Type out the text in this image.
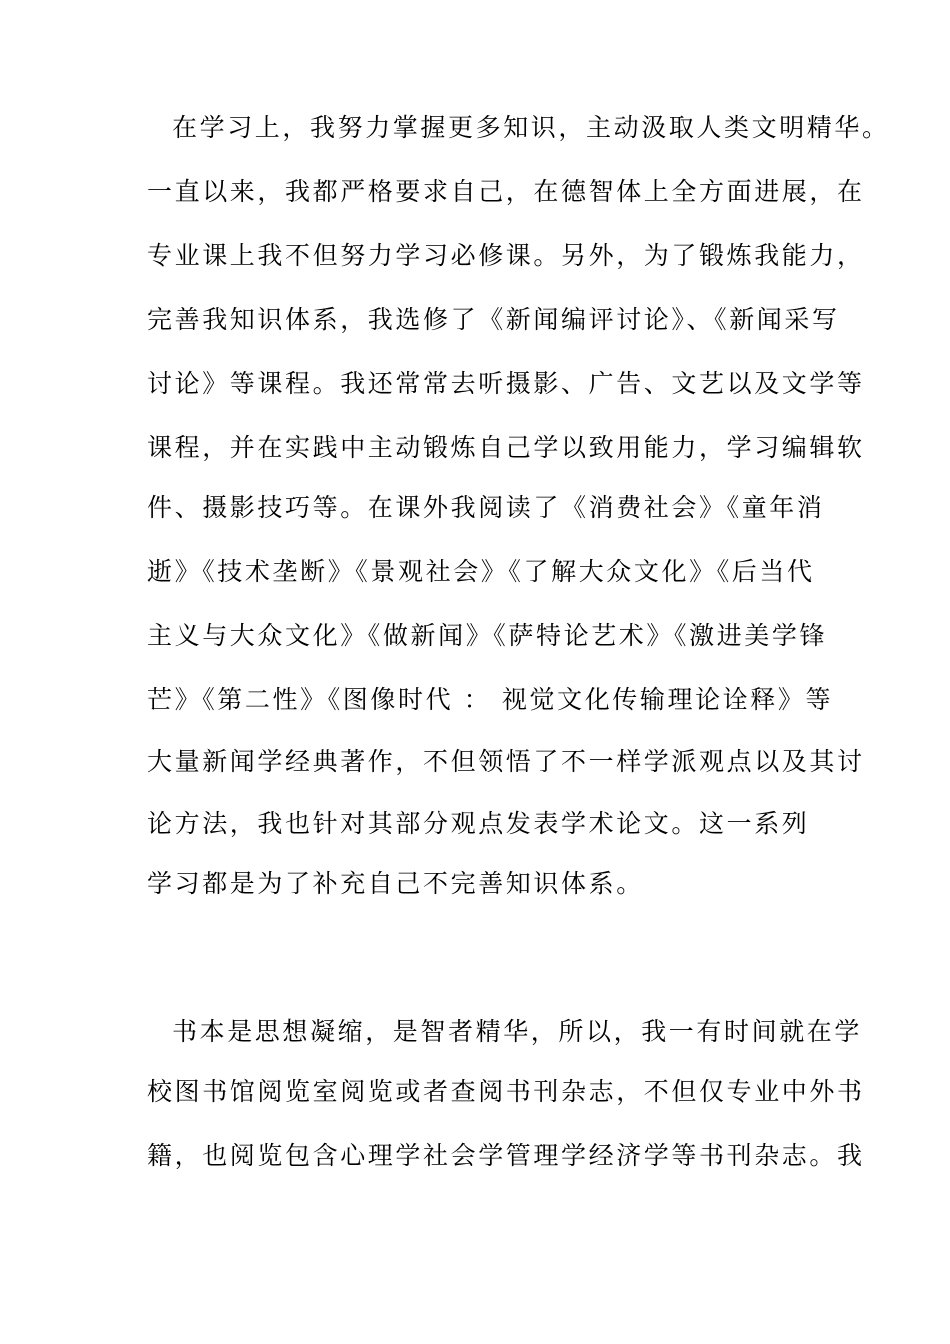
在学习上，我努力掌握更多知识，主动汲取人类文明精华。
一直以来，我都严格要求自己，在德智体上全方面进展，在
专业课上我不但努力学习必修课。另外，为了锻炼我能力，
完善我知识体系，我选修了《新闻编评讨论》、《新闻采写
讨论》等课程。我还常常去听摄影、广告、文艺以及文学等
课程，并在实践中主动锻炼自己学以致用能力，学习编辑软
件、摄影技巧等。在课外我阅读了《消费社会》《童年消
逝》《技术垄断》《景观社会》《了解大众文化》《后当代
主义与大众文化》《做新闻》《萨特论艺术》《激进美学锋
芒》《第二性》《图像时代 ： 视觉文化传输理论诠释》等
大量新闻学经典著作，不但领悟了不一样学派观点以及其讨
论方法，我也针对其部分观点发表学术论文。这一系列
学习都是为了补充自己不完善知识体系。
书本是思想凝缩，是智者精华，所以，我一有时间就在学
校图书馆阅览室阅览或者查阅书刊杂志，不但仅专业中外书
籍，也阅览包含心理学社会学管理学经济学等书刊杂志。我
